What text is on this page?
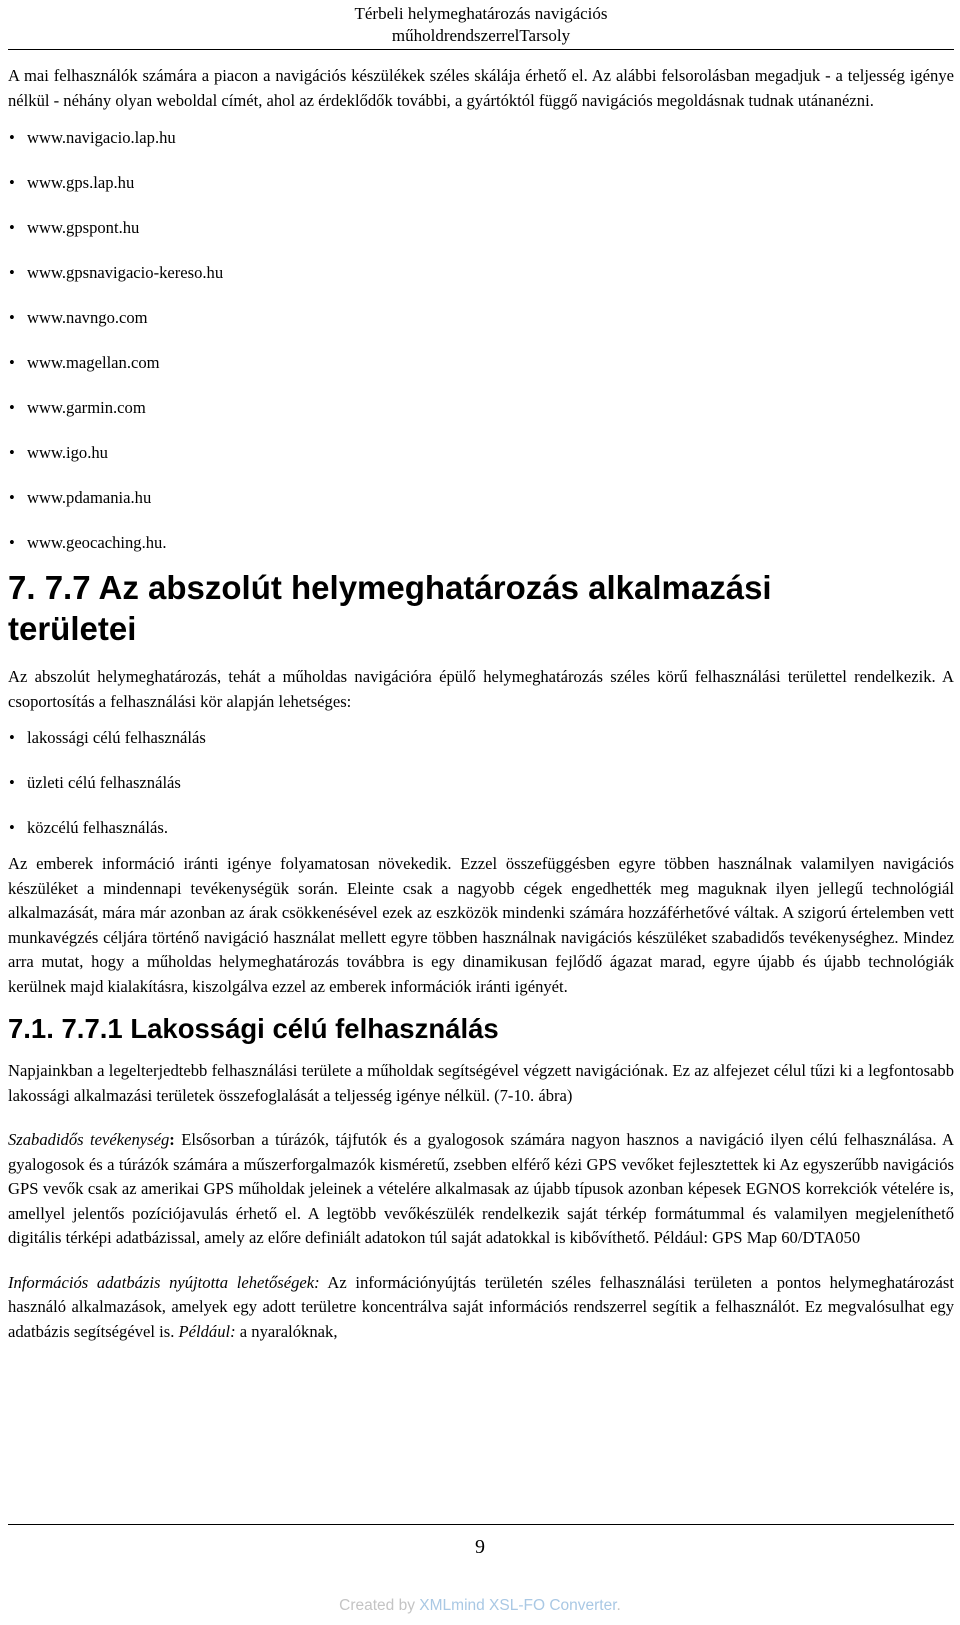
Térbeli helymeghatározás navigációs
műholdrendszerrelTarsoly

A mai felhasználók számára a piacon a navigációs készülékek széles skálája érhető el. Az alábbi felsorolásban megadjuk - a teljesség igénye nélkül - néhány olyan weboldal címét, ahol az érdeklődők további, a gyártóktól függő navigációs megoldásnak tudnak utánanézni.

• www.navigacio.lap.hu
• www.gps.lap.hu
• www.gpspont.hu
• www.gpsnavigacio-kereso.hu
• www.navngo.com
• www.magellan.com
• www.garmin.com
• www.igo.hu
• www.pdamania.hu
• www.geocaching.hu.
7. 7.7 Az abszolút helymeghatározás alkalmazási
területei

Az abszolút helymeghatározás, tehát a műholdas navigációra épülő helymeghatározás széles körű felhasználási területtel rendelkezik. A csoportosítás a felhasználási kör alapján lehetséges:

• lakossági célú felhasználás
• üzleti célú felhasználás
• közcélú felhasználás.

Az emberek információ iránti igénye folyamatosan növekedik. Ezzel összefüggésben egyre többen használnak valamilyen navigációs készüléket a mindennapi tevékenységük során. Eleinte csak a nagyobb cégek engedhették meg maguknak ilyen jellegű technológiál alkalmazását, mára már azonban az árak csökkenésével ezek az eszközök mindenki számára hozzáférhetővé váltak. A szigorú értelemben vett munkavégzés céljára történő navigáció használat mellett egyre többen használnak navigációs készüléket szabadidős tevékenységhez. Mindez arra mutat, hogy a műholdas helymeghatározás továbbra is egy dinamikusan fejlődő ágazat marad, egyre újabb és újabb technológiák kerülnek majd kialakításra, kiszolgálva ezzel az emberek információk iránti igényét.

7.1. 7.7.1 Lakossági célú felhasználás

Napjainkban a legelterjedtebb felhasználási területe a műholdak segítségével végzett navigációnak. Ez az alfejezet célul tűzi ki a legfontosabb lakossági alkalmazási területek összefoglalását a teljesség igénye nélkül. (7-10. ábra)

Szabadidős tevékenység: Elsősorban a túrázók, tájfutók és a gyalogosok számára nagyon hasznos a navigáció ilyen célú felhasználása. A gyalogosok és a túrázók számára a műszerforgalmazók kisméretű, zsebben elférő kézi GPS vevőket fejlesztettek ki Az egyszerűbb navigációs GPS vevők csak az amerikai GPS műholdak jeleinek a vételére alkalmasak az újabb típusok azonban képesek EGNOS korrekciók vételére is, amellyel jelentős pozíciójavulás érhető el. A legtöbb vevőkészülék rendelkezik saját térkép formátummal és valamilyen megjeleníthető digitális térképi adatbázissal, amely az előre definiált adatokon túl saját adatokkal is kibővíthető. Például: GPS Map 60/DTA050

Információs adatbázis nyújtotta lehetőségek: Az információnyújtás területén széles felhasználási területen a pontos helymeghatározást használó alkalmazások, amelyek egy adott területre koncentrálva saját információs rendszerrel segítik a felhasználót. Ez megvalósulhat egy adatbázis segítségével is. Például: a nyaralóknak,

9
Created by XMLmind XSL-FO Converter.
